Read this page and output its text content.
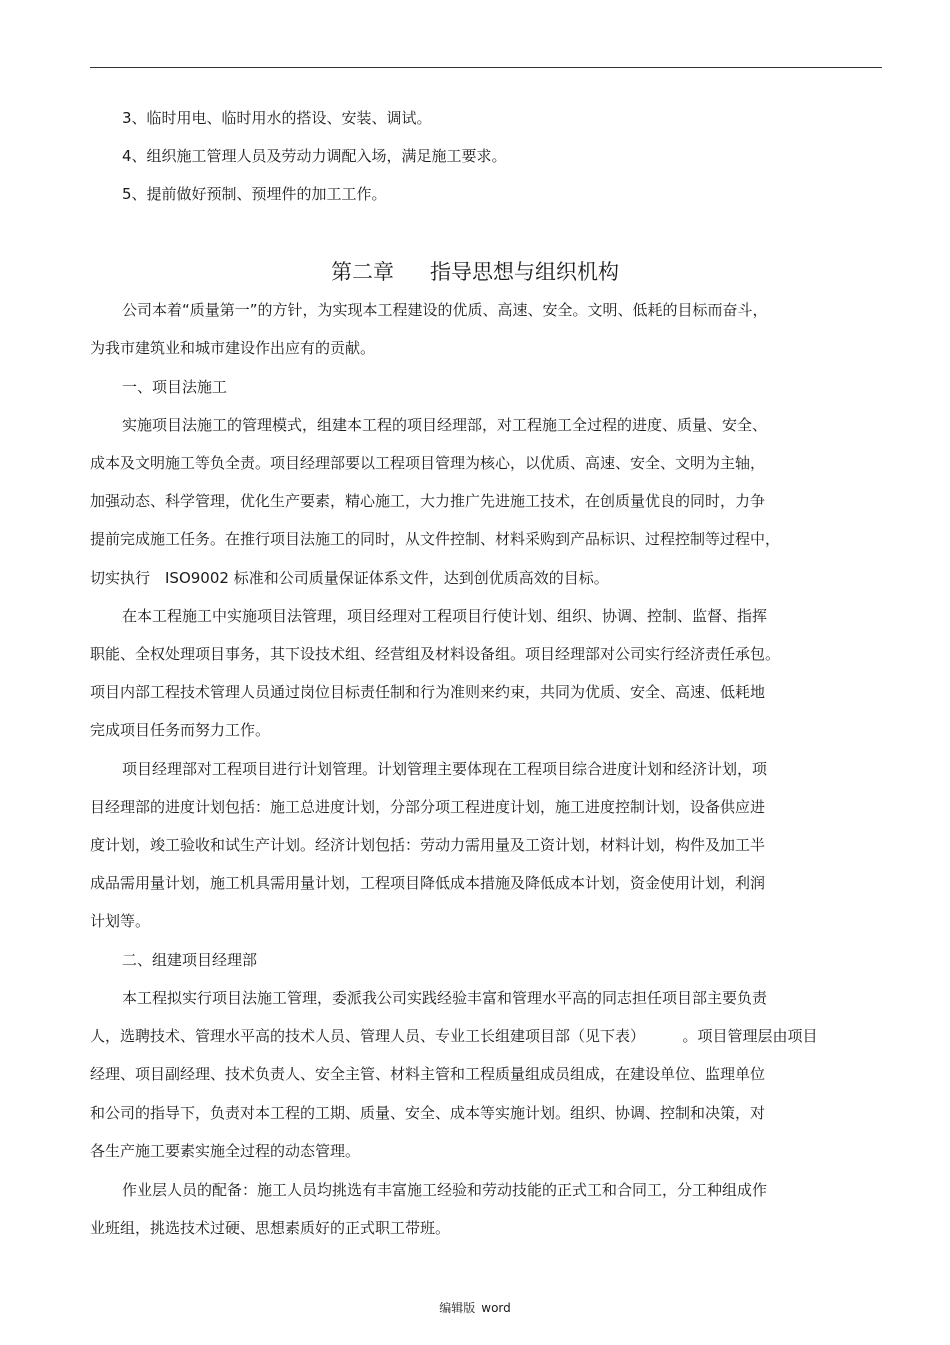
3、临时用电、临时用水的搭设、安装、调试。
4、组织施工管理人员及劳动力调配入场，满足施工要求。
5、提前做好预制、预埋件的加工工作。
第二章 指导思想与组织机构
公司本着“质量第一”的方针，为实现本工程建设的优质、高速、安全。文明、低耗的目标而奋斗，
为我市建筑业和城市建设作出应有的贡献。
一、项目法施工
实施项目法施工的管理模式，组建本工程的项目经理部，对工程施工全过程的进度、质量、安全、
成本及文明施工等负全责。项目经理部要以工程项目管理为核心，以优质、高速、安全、文明为主轴，
加强动态、科学管理，优化生产要素，精心施工，大力推广先进施工技术，在创质量优良的同时，力争
提前完成施工任务。在推行项目法施工的同时，从文件控制、材料采购到产品标识、过程控制等过程中，
切实执行　ISO9002 标准和公司质量保证体系文件，达到创优质高效的目标。
在本工程施工中实施项目法管理，项目经理对工程项目行使计划、组织、协调、控制、监督、指挥
职能、全权处理项目事务，其下设技术组、经营组及材料设备组。项目经理部对公司实行经济责任承包。
项目内部工程技术管理人员通过岗位目标责任制和行为准则来约束，共同为优质、安全、高速、低耗地
完成项目任务而努力工作。
项目经理部对工程项目进行计划管理。计划管理主要体现在工程项目综合进度计划和经济计划，项
目经理部的进度计划包括：施工总进度计划，分部分项工程进度计划，施工进度控制计划，设备供应进
度计划，竣工验收和试生产计划。经济计划包括：劳动力需用量及工资计划，材料计划，构件及加工半
成品需用量计划，施工机具需用量计划，工程项目降低成本措施及降低成本计划，资金使用计划，利润
计划等。
二、组建项目经理部
本工程拟实行项目法施工管理，委派我公司实践经验丰富和管理水平高的同志担任项目部主要负责
人，选聘技术、管理水平高的技术人员、管理人员、专业工长组建项目部（见下表）　　　。项目管理层由项目
经理、项目副经理、技术负责人、安全主管、材料主管和工程质量组成员组成，在建设单位、监理单位
和公司的指导下，负责对本工程的工期、质量、安全、成本等实施计划。组织、协调、控制和决策，对
各生产施工要素实施全过程的动态管理。
作业层人员的配备：施工人员均挑选有丰富施工经验和劳动技能的正式工和合同工，分工种组成作
业班组，挑选技术过硬、思想素质好的正式职工带班。
编辑版 word
